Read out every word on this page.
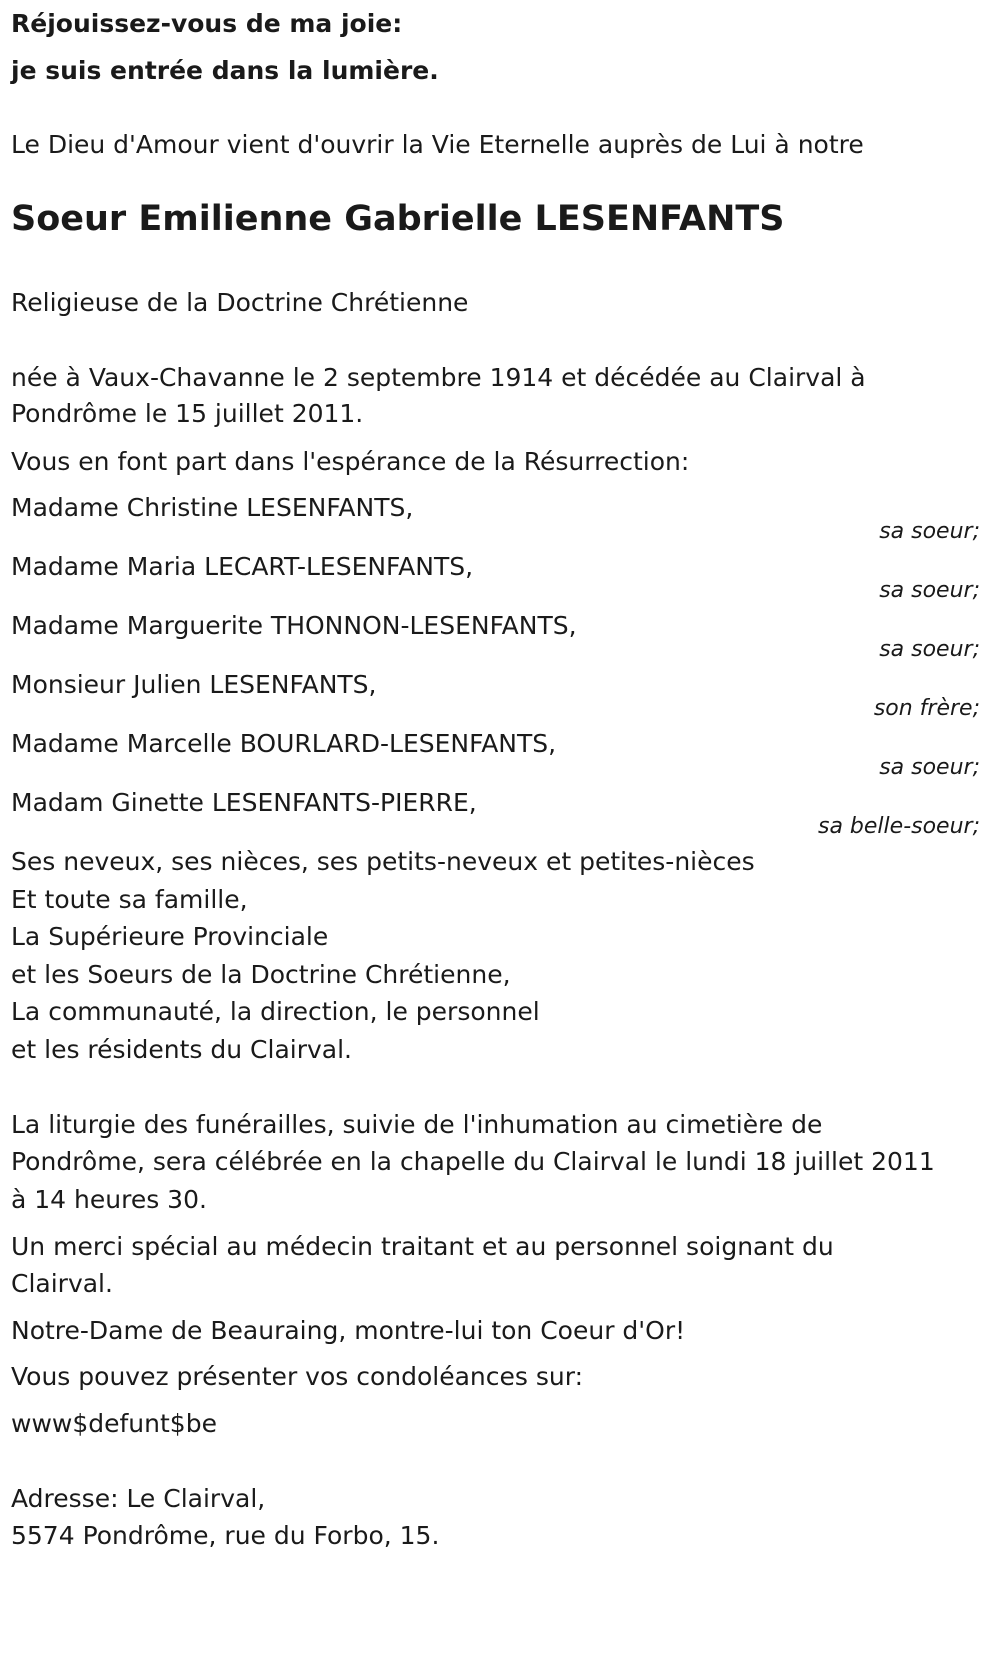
Réjouissez-vous de ma joie:
je suis entrée dans la lumière.
Le Dieu d'Amour vient d'ouvrir la Vie Eternelle auprès de Lui à notre
Soeur Emilienne Gabrielle LESENFANTS
Religieuse de la Doctrine Chrétienne
née à Vaux-Chavanne le 2 septembre 1914 et décédée au Clairval à
Pondrôme le 15 juillet 2011.
Vous en font part dans l'espérance de la Résurrection:
Madame Christine LESENFANTS,
sa soeur;
Madame Maria LECART-LESENFANTS,
sa soeur;
Madame Marguerite THONNON-LESENFANTS,
sa soeur;
Monsieur Julien LESENFANTS,
son frère;
Madame Marcelle BOURLARD-LESENFANTS,
sa soeur;
Madam Ginette LESENFANTS-PIERRE,
sa belle-soeur;
Ses neveux, ses nièces, ses petits-neveux et petites-nièces
Et toute sa famille,
La Supérieure Provinciale
et les Soeurs de la Doctrine Chrétienne,
La communauté, la direction, le personnel
et les résidents du Clairval.
La liturgie des funérailles, suivie de l'inhumation au cimetière de
Pondrôme, sera célébrée en la chapelle du Clairval le lundi 18 juillet 2011
à 14 heures 30.
Un merci spécial au médecin traitant et au personnel soignant du
Clairval.
Notre-Dame de Beauraing, montre-lui ton Coeur d'Or!
Vous pouvez présenter vos condoléances sur:
www$defunt$be
Adresse: Le Clairval,
5574 Pondrôme, rue du Forbo, 15.
